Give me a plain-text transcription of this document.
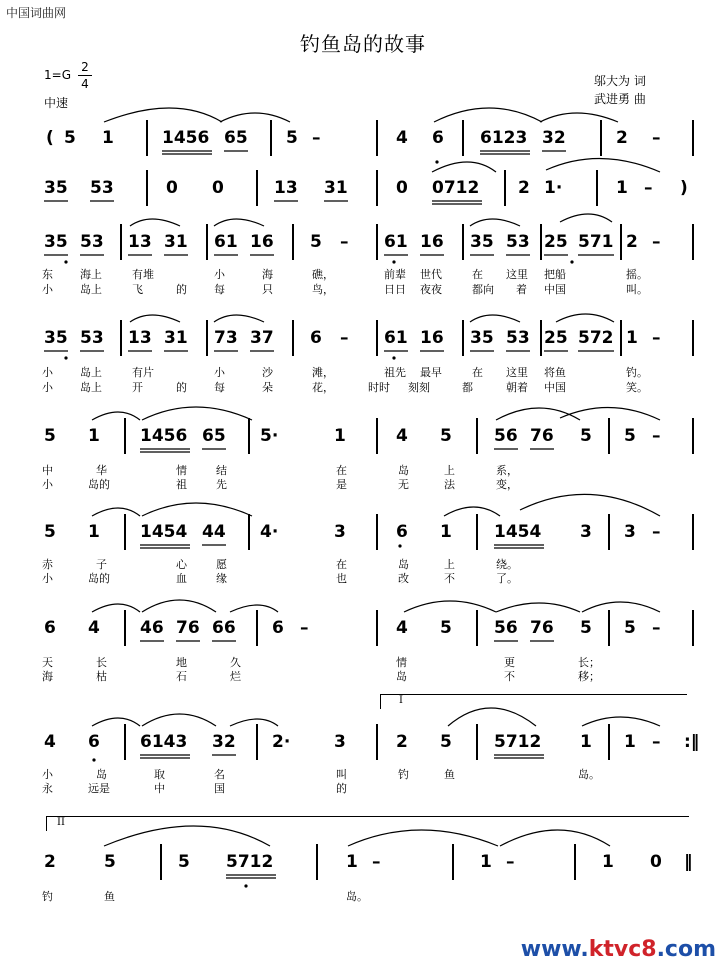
中国词曲网
钓鱼岛的故事
1=G
2
4
中速
邬大为 词
武进勇 曲
( 5 1	1456 65 5 –	4 6 6123 32	2 –
35 53	0 0	13 31	0 0712 2 1·	1 – )
35 53 13 31 61 16 5 – 61 16 35 53 25 571 2 –
东 海上	有堆	小	海	礁，	前辈 世代	在 这里 把船	摇。
小 岛上	飞	的 每	只	鸟，	日日 夜夜	都向 着 中国	叫。
35 53 13 31 73 37 6 – 61 16 35 53 25 572 1 –
小 岛上	有片	小	沙	滩，	祖先 最早	在 这里 将鱼	钓。
小 岛上	开	的 每	朵	花，	时时 刻刻	都	朝着 中国	笑。
5 1 1456 65 5·	1	4 5 56 76 5 5 –
中	华	情	结	在	岛	上	系，
小	岛的	祖	先	是	无	法	变，
5 1 1454 44 4·	3	6 1 1454 3 3 –
赤	子	心	愿	在	岛	上	绕。
小	岛的	血	缘	也	改	不	了。
6 4 46 76 66 6 –	4 5 56 76 5 5 –
天	长	地	久	情	更	长；
海	枯	石	烂	岛	不	移；
I
4 6 6143 32 2·	3	2 5 5712 1 1 – :‖
小	岛	取	名	叫	钓	鱼	岛。
永	远是	中	国	的
II
2	5	5 5712	1 –	1 –	1 0 ‖
钓	鱼	岛。
www.ktvc8.com
